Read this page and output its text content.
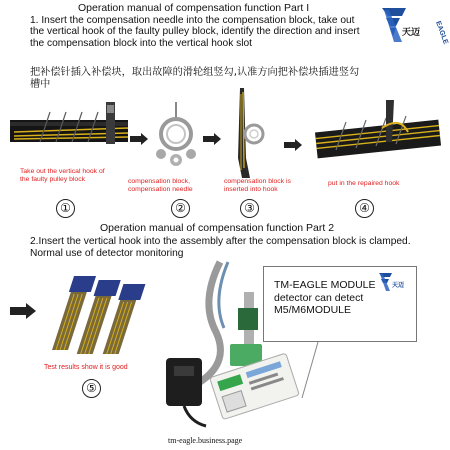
Operation manual of compensation function Part I
1. Insert the compensation needle into the compensation block, take out the vertical hook of the faulty pulley block, identify the direction and insert the compensation block into the vertical hook slot
把补偿针插入补偿块，取出故障的滑轮组竖勾,认准方向把补偿块插进竖勾槽中
EAGLE
天迈
Take out the vertical hook of the faulty pulley block	compensation block, compensation needle
compensation block is inserted into hook
put in the repaired hook
①	②	③	④
Operation manual of compensation function Part 2
2.Insert the vertical hook into the assembly after the compensation block is clamped. Normal use of detector monitoring
Test results show it is good
⑤
TM-EAGLE MODULE
detector can detect
M5/M6MODULE
天迈
tm-eagle.business.page
